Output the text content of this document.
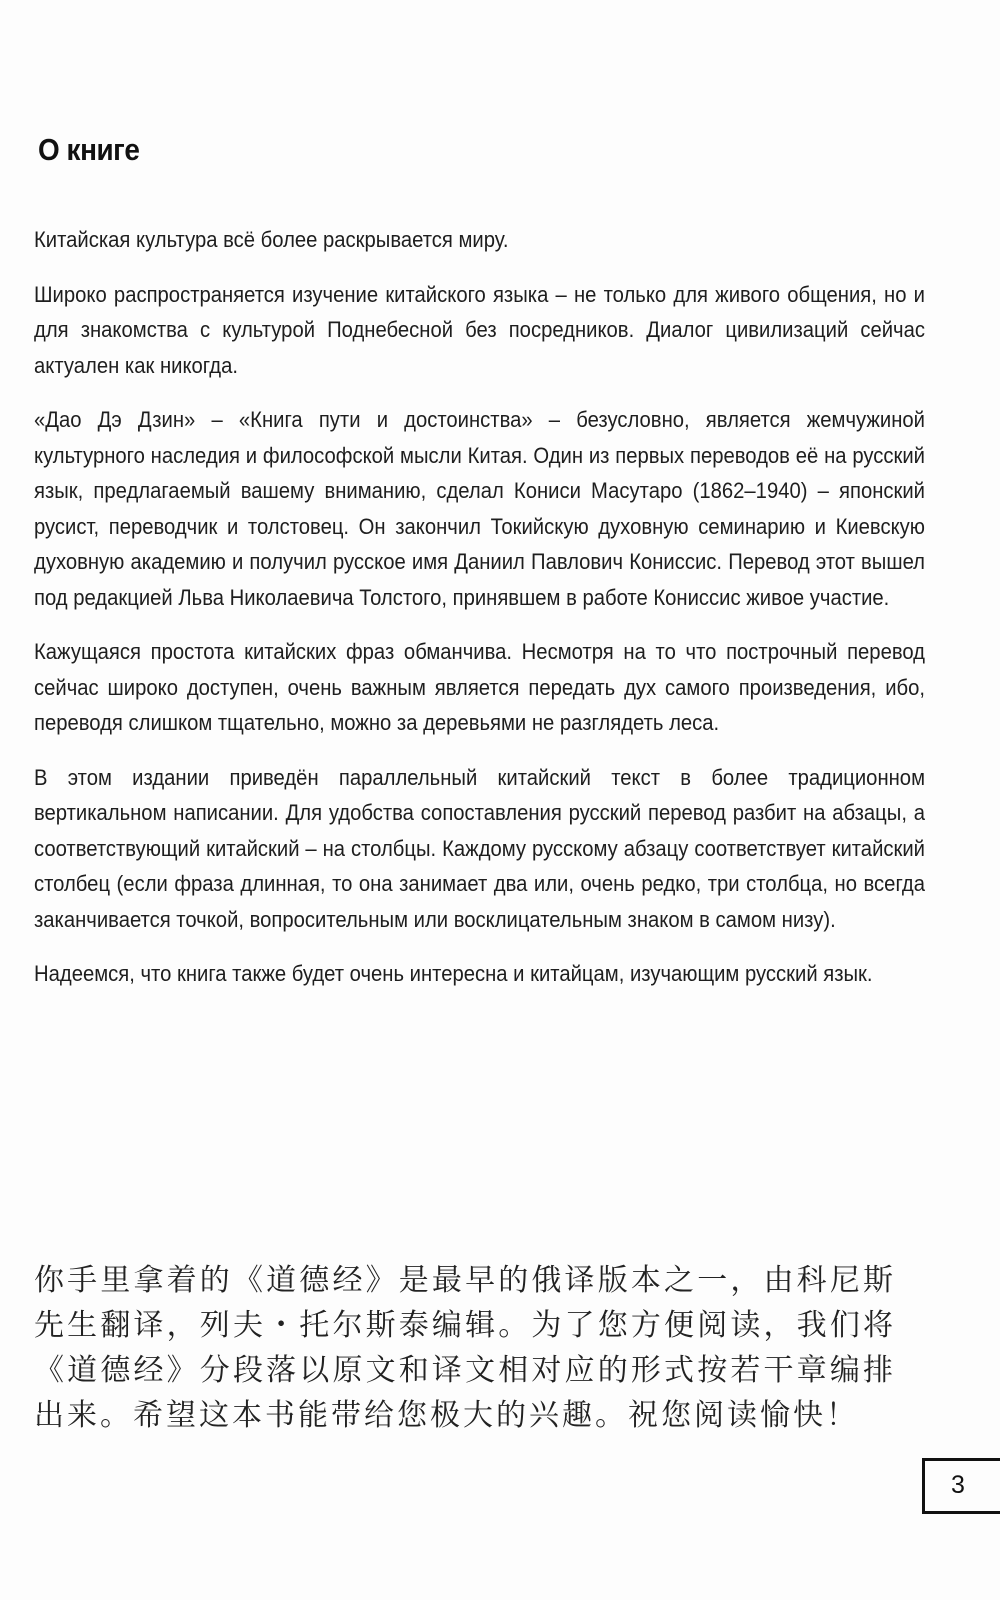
О книге

Китайская культура всё более раскрывается миру.

Широко распространяется изучение китайского языка – не только для живого общения, но и для знакомства с культурой Поднебесной без посредников. Диалог цивилизаций сейчас актуален как никогда.

«Дао Дэ Дзин» – «Книга пути и достоинства» – безусловно, является жемчужиной культурного наследия и философской мысли Китая. Один из первых переводов её на русский язык, предлагаемый вашему вниманию, сделал Кониси Масутаро (1862–1940) – японский русист, переводчик и толстовец. Он закончил Токийскую духовную семинарию и Киевскую духовную академию и получил русское имя Даниил Павлович Кониссис. Перевод этот вышел под редакцией Льва Николаевича Толстого, принявшем в работе Кониссис живое участие.

Кажущаяся простота китайских фраз обманчива. Несмотря на то что построчный перевод сейчас широко доступен, очень важным является передать дух самого произведения, ибо, переводя слишком тщательно, можно за деревьями не разглядеть леса.

В этом издании приведён параллельный китайский текст в более традиционном вертикальном написании. Для удобства сопоставления русский перевод разбит на абзацы, а соответствующий китайский – на столбцы. Каждому русскому абзацу соответствует китайский столбец (если фраза длинная, то она занимает два или, очень редко, три столбца, но всегда заканчивается точкой, вопросительным или восклицательным знаком в самом низу).

Надеемся, что книга также будет очень интересна и китайцам, изучающим русский язык.

你手里拿着的《道德经》是最早的俄译版本之一，由科尼斯先生翻译，列夫・托尔斯泰编辑。为了您方便阅读，我们将《道德经》分段落以原文和译文相对应的形式按若干章编排出来。希望这本书能带给您极大的兴趣。祝您阅读愉快！

3
